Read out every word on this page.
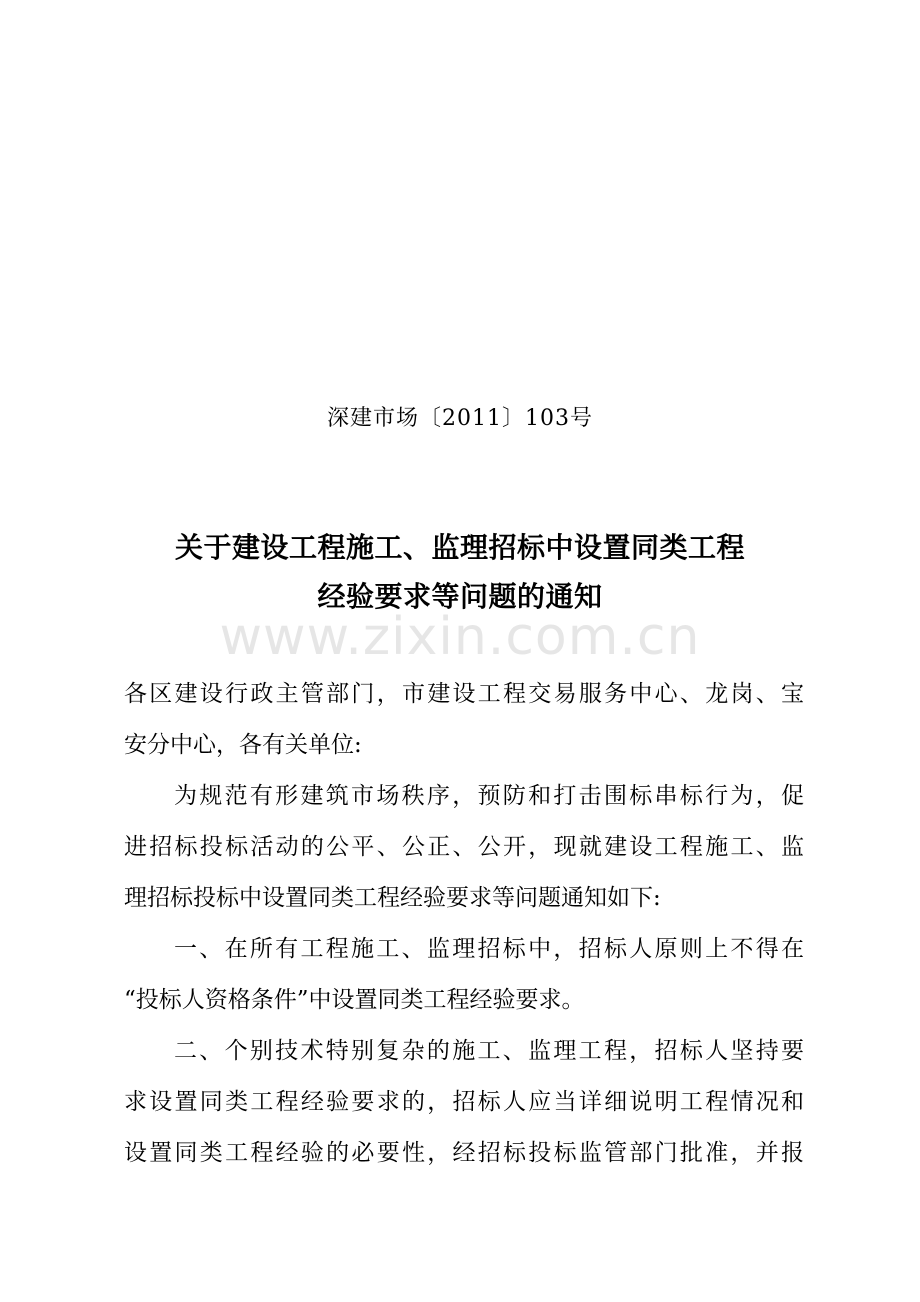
深建市场〔2011〕103号
关于建设工程施工、监理招标中设置同类工程
经验要求等问题的通知
www.zixin.com.cn
各区建设行政主管部门，市建设工程交易服务中心、龙岗、宝
安分中心，各有关单位:
为规范有形建筑市场秩序，预防和打击围标串标行为，促
进招标投标活动的公平、公正、公开，现就建设工程施工、监
理招标投标中设置同类工程经验要求等问题通知如下:
一、在所有工程施工、监理招标中，招标人原则上不得在
“投标人资格条件”中设置同类工程经验要求。
二、个别技术特别复杂的施工、监理工程，招标人坚持要
求设置同类工程经验要求的，招标人应当详细说明工程情况和
设置同类工程经验的必要性，经招标投标监管部门批准，并报
